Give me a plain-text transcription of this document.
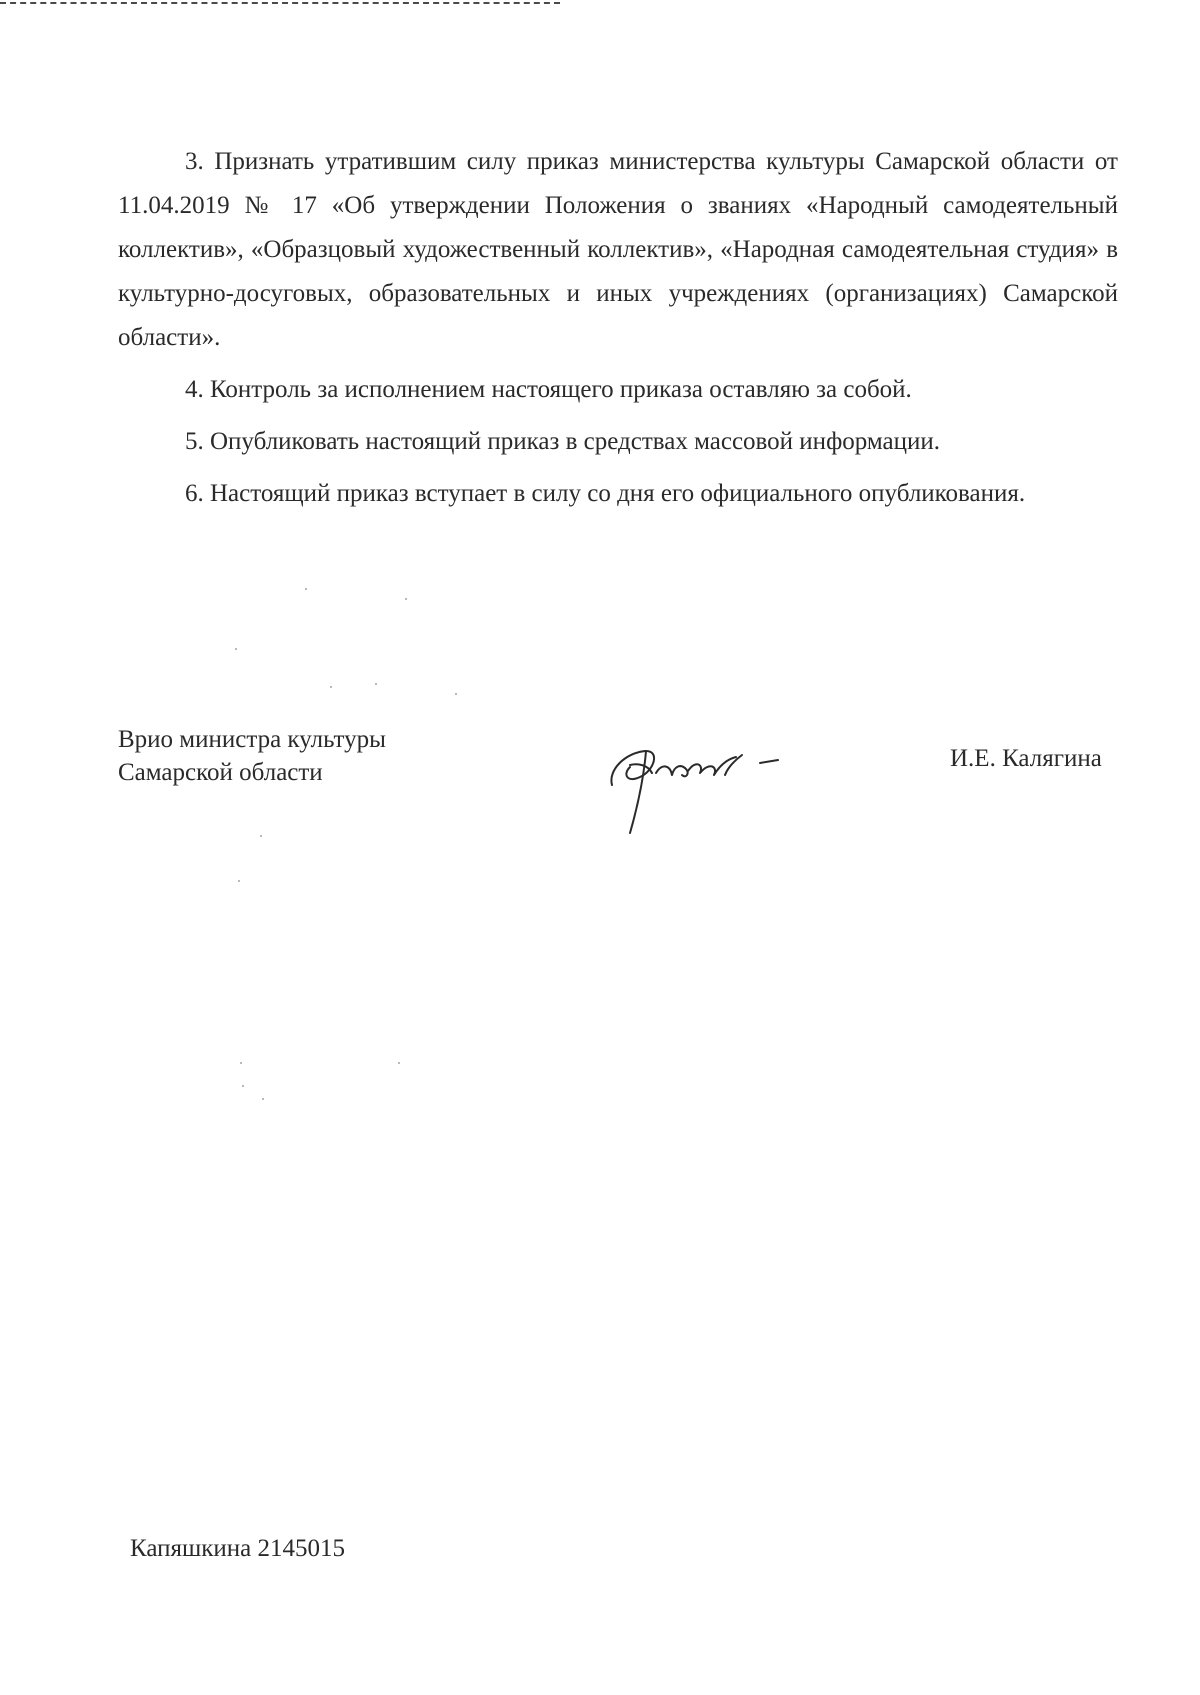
3. Признать утратившим силу приказ министерства культуры Самарской области от 11.04.2019 № 17 «Об утверждении Положения о званиях «Народный самодеятельный коллектив», «Образцовый художественный коллектив», «Народная самодеятельная студия» в культурно-досуговых, образовательных и иных учреждениях (организациях) Самарской области».

4. Контроль за исполнением настоящего приказа оставляю за собой.

5. Опубликовать настоящий приказ в средствах массовой информации.

6. Настоящий приказ вступает в силу со дня его официального опубликования.

Врио министра культуры
Самарской области
И.Е. Калягина
Капяшкина 2145015
